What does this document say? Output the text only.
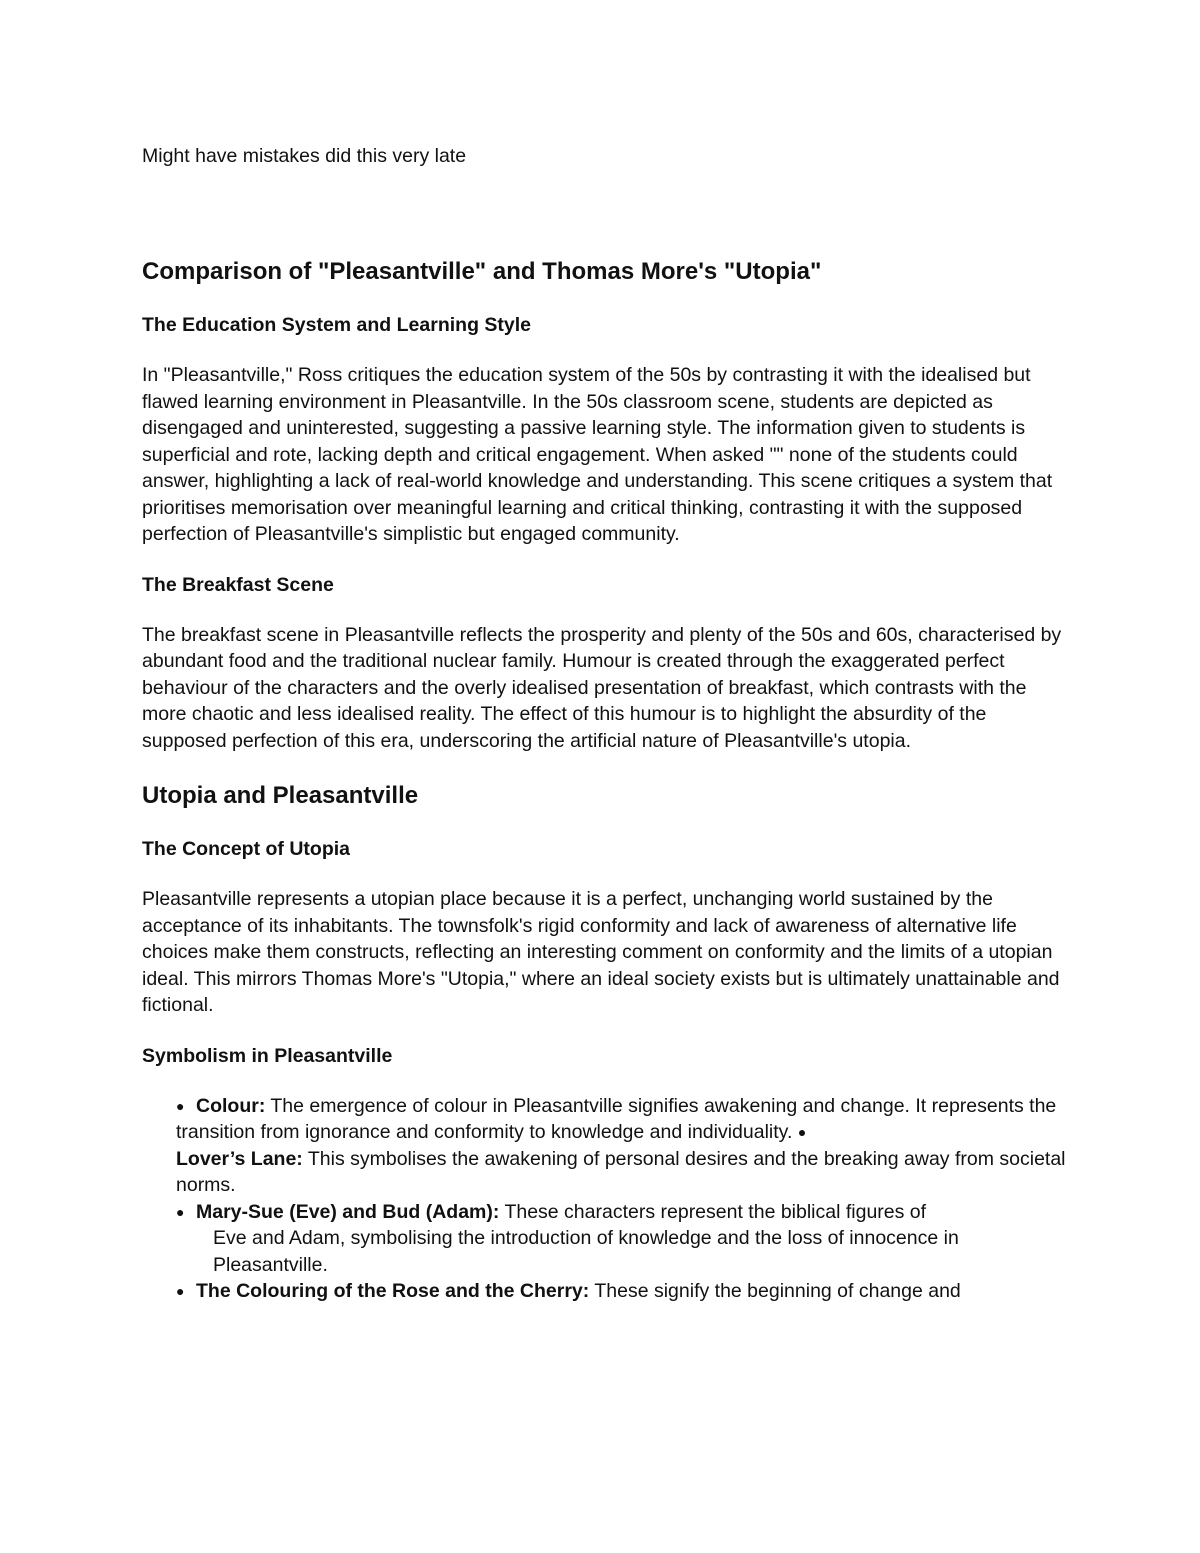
Might have mistakes did this very late
Comparison of "Pleasantville" and Thomas More's "Utopia"
The Education System and Learning Style

In "Pleasantville," Ross critiques the education system of the 50s by contrasting it with the idealised but flawed learning environment in Pleasantville. In the 50s classroom scene, students are depicted as disengaged and uninterested, suggesting a passive learning style. The information given to students is superficial and rote, lacking depth and critical engagement. When asked "" none of the students could answer, highlighting a lack of real-world knowledge and understanding. This scene critiques a system that prioritises memorisation over meaningful learning and critical thinking, contrasting it with the supposed perfection of Pleasantville's simplistic but engaged community.

The Breakfast Scene

The breakfast scene in Pleasantville reflects the prosperity and plenty of the 50s and 60s, characterised by abundant food and the traditional nuclear family. Humour is created through the exaggerated perfect behaviour of the characters and the overly idealised presentation of breakfast, which contrasts with the more chaotic and less idealised reality. The effect of this humour is to highlight the absurdity of the supposed perfection of this era, underscoring the artificial nature of Pleasantville's utopia.

Utopia and Pleasantville
The Concept of Utopia

Pleasantville represents a utopian place because it is a perfect, unchanging world sustained by the acceptance of its inhabitants. The townsfolk's rigid conformity and lack of awareness of alternative life choices make them constructs, reflecting an interesting comment on conformity and the limits of a utopian ideal. This mirrors Thomas More's "Utopia," where an ideal society exists but is ultimately unattainable and fictional.

Symbolism in Pleasantville
● Colour: The emergence of colour in Pleasantville signifies awakening and change. It represents the transition from ignorance and conformity to knowledge and individuality. ●
Lover’s Lane: This symbolises the awakening of personal desires and the breaking away from societal norms.
● Mary-Sue (Eve) and Bud (Adam): These characters represent the biblical figures of
Eve and Adam, symbolising the introduction of knowledge and the loss of innocence in Pleasantville.
● The Colouring of the Rose and the Cherry: These signify the beginning of change and
